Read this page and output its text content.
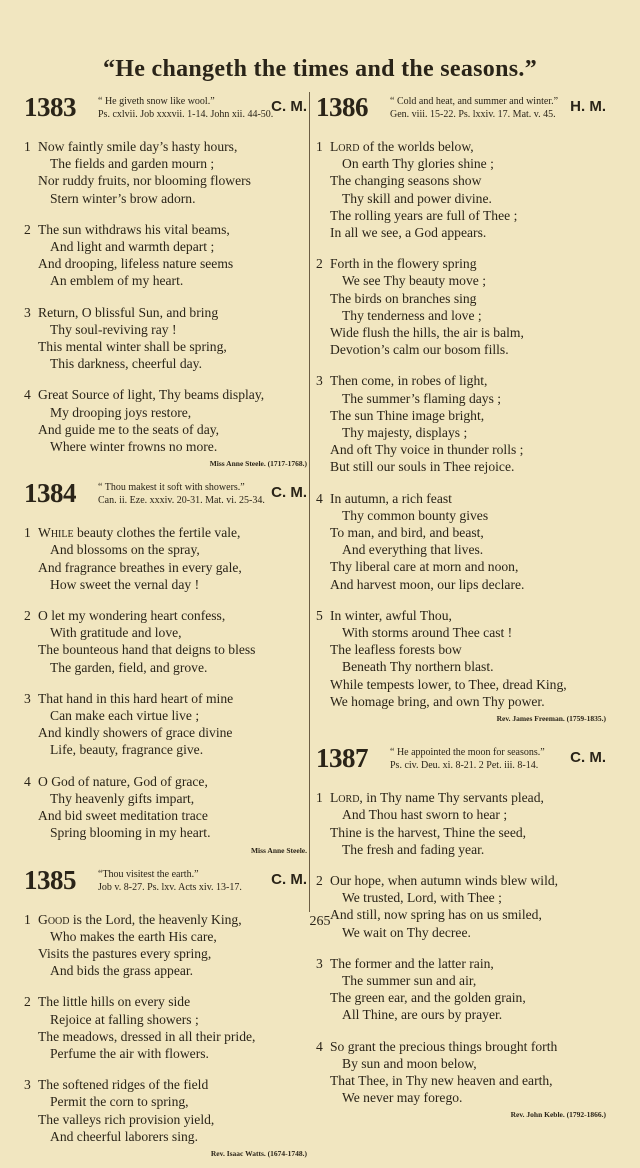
“He changeth the times and the seasons.”
1383 “ He giveth snow like wool.”
Ps. cxlvii. Job xxxvii. 1-14. John xii. 44-50.
C. M.
1 Now faintly smile day’s hasty hours,
The fields and garden mourn ;
Nor ruddy fruits, nor blooming flowers
Stern winter’s brow adorn.
2 The sun withdraws his vital beams,
And light and warmth depart ;
And drooping, lifeless nature seems
An emblem of my heart.
3 Return, O blissful Sun, and bring
Thy soul-reviving ray !
This mental winter shall be spring,
This darkness, cheerful day.
4 Great Source of light, Thy beams display,
My drooping joys restore,
And guide me to the seats of day,
Where winter frowns no more.
Miss Anne Steele. (1717-1768.)
1384 “ Thou makest it soft with showers.”
Can. ii. Eze. xxxiv. 20-31. Mat. vi. 25-34. C. M.
1 While beauty clothes the fertile vale,
And blossoms on the spray,
And fragrance breathes in every gale,
How sweet the vernal day !
2 O let my wondering heart confess,
With gratitude and love,
The bounteous hand that deigns to bless
The garden, field, and grove.
3 That hand in this hard heart of mine
Can make each virtue live ;
And kindly showers of grace divine
Life, beauty, fragrance give.
4 O God of nature, God of grace,
Thy heavenly gifts impart,
And bid sweet meditation trace
Spring blooming in my heart.
Miss Anne Steele.
1385 “Thou visitest the earth.”
Job v. 8-27. Ps. lxv. Acts xiv. 13-17. C. M.
1 Good is the Lord, the heavenly King,
Who makes the earth His care,
Visits the pastures every spring,
And bids the grass appear.
2 The little hills on every side
Rejoice at falling showers ;
The meadows, dressed in all their pride,
Perfume the air with flowers.
3 The softened ridges of the field
Permit the corn to spring,
The valleys rich provision yield,
And cheerful laborers sing.
Rev. Isaac Watts. (1674-1748.)
1386 “ Cold and heat, and summer and winter.”
Gen. viii. 15-22. Ps. lxxiv. 17. Mat. v. 45. H. M.
1 Lord of the worlds below,
On earth Thy glories shine ;
The changing seasons show
Thy skill and power divine.
The rolling years are full of Thee ;
In all we see, a God appears.
2 Forth in the flowery spring
We see Thy beauty move ;
The birds on branches sing
Thy tenderness and love ;
Wide flush the hills, the air is balm,
Devotion’s calm our bosom fills.
3 Then come, in robes of light,
The summer’s flaming days ;
The sun Thine image bright,
Thy majesty, displays ;
And oft Thy voice in thunder rolls ;
But still our souls in Thee rejoice.
4 In autumn, a rich feast
Thy common bounty gives
To man, and bird, and beast,
And everything that lives.
Thy liberal care at morn and noon,
And harvest moon, our lips declare.
5 In winter, awful Thou,
With storms around Thee cast !
The leafless forests bow
Beneath Thy northern blast.
While tempests lower, to Thee, dread King,
We homage bring, and own Thy power.
Rev. James Freeman. (1759-1835.)
1387 “ He appointed the moon for seasons.”
Ps. civ. Deu. xi. 8-21. 2 Pet. iii. 8-14. C. M.
1 Lord, in Thy name Thy servants plead,
And Thou hast sworn to hear ;
Thine is the harvest, Thine the seed,
The fresh and fading year.
2 Our hope, when autumn winds blew wild,
We trusted, Lord, with Thee ;
And still, now spring has on us smiled,
We wait on Thy decree.
3 The former and the latter rain,
The summer sun and air,
The green ear, and the golden grain,
All Thine, are ours by prayer.
4 So grant the precious things brought forth
By sun and moon below,
That Thee, in Thy new heaven and earth,
We never may forego.
Rev. John Keble. (1792-1866.)
265
